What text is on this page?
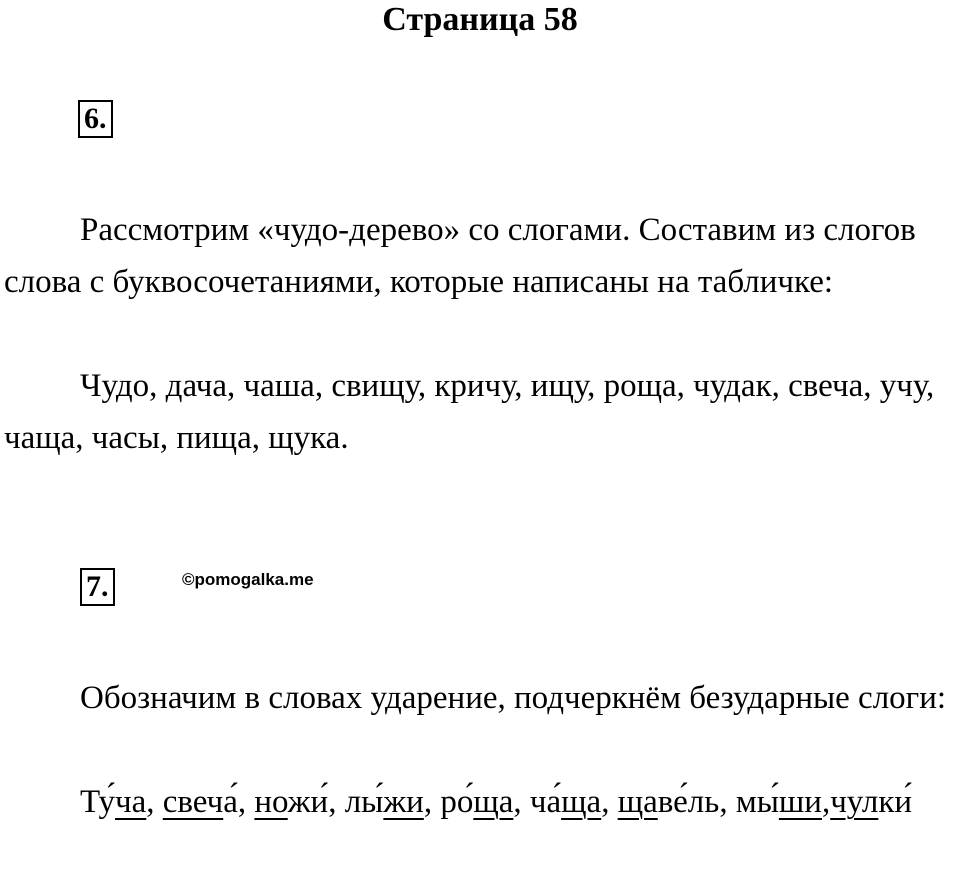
Страница 58
6.
Рассмотрим «чудо-дерево» со слогами. Составим из слогов слова с буквосочетаниями, которые написаны на табличке:
Чудо, дача, чаша, свищу, кричу, ищу, роща, чудак, свеча, учу, чаща, часы, пища, щука.
7.	©pomogalka.me
Обозначим в словах ударение, подчеркнём безударные слоги:
Ту́ча, свеча́, ножи́, лы́жи, ро́ща, ча́ща, щаве́ль, мы́ши,чулки́
